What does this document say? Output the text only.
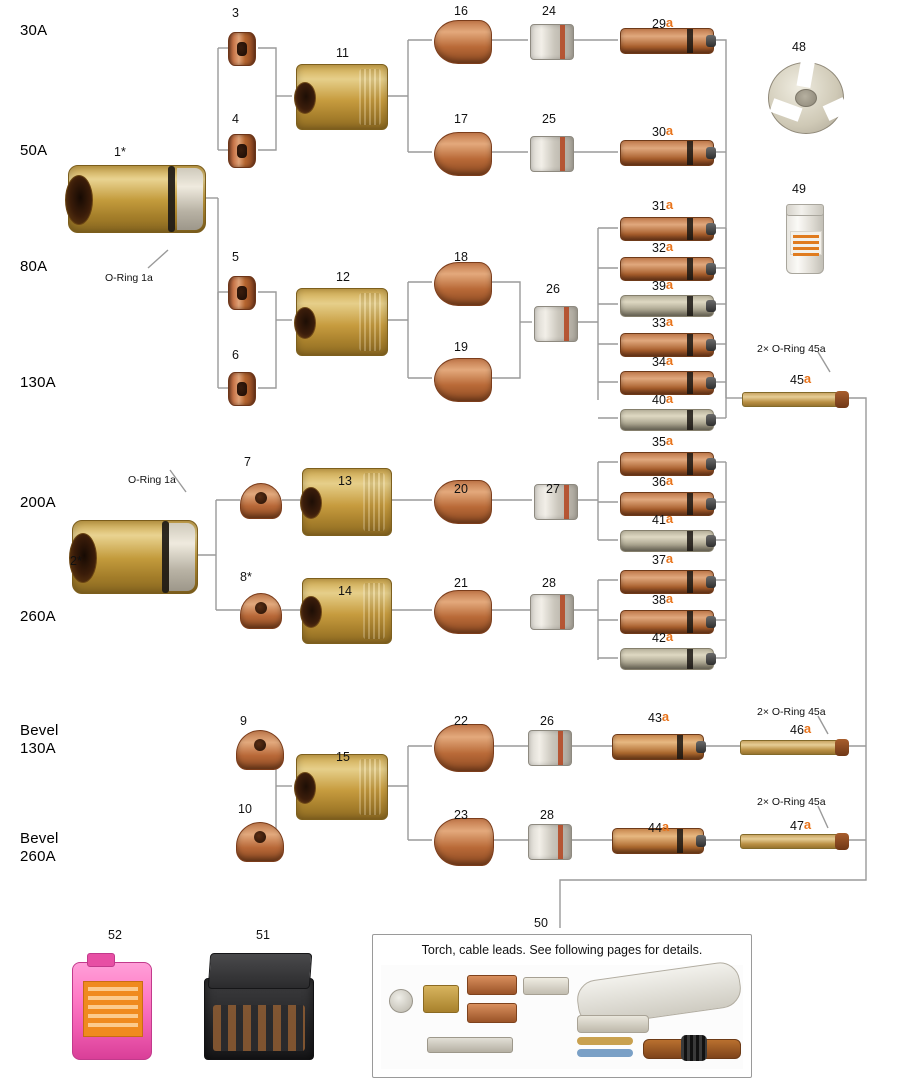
30A
50A
80A
130A
200A
260A
Bevel
130A
Bevel
260A
Torch, cable leads. See following pages for details.
1*
2*
3
4
5
6
7
8*
9
10
11
12
13
14
15
16
17
18
19
20
21
22
23
24
25
26
27
28
26
28
29a
30a
31a
32a
39a
33a
34a
40a
35a
36a
41a
37a
38a
42a
43a
44a
45a
46a
47a
48
49
50
51
52
O-Ring 1a
O-Ring 1a
2× O-Ring 45a
2× O-Ring 45a
2× O-Ring 45a
